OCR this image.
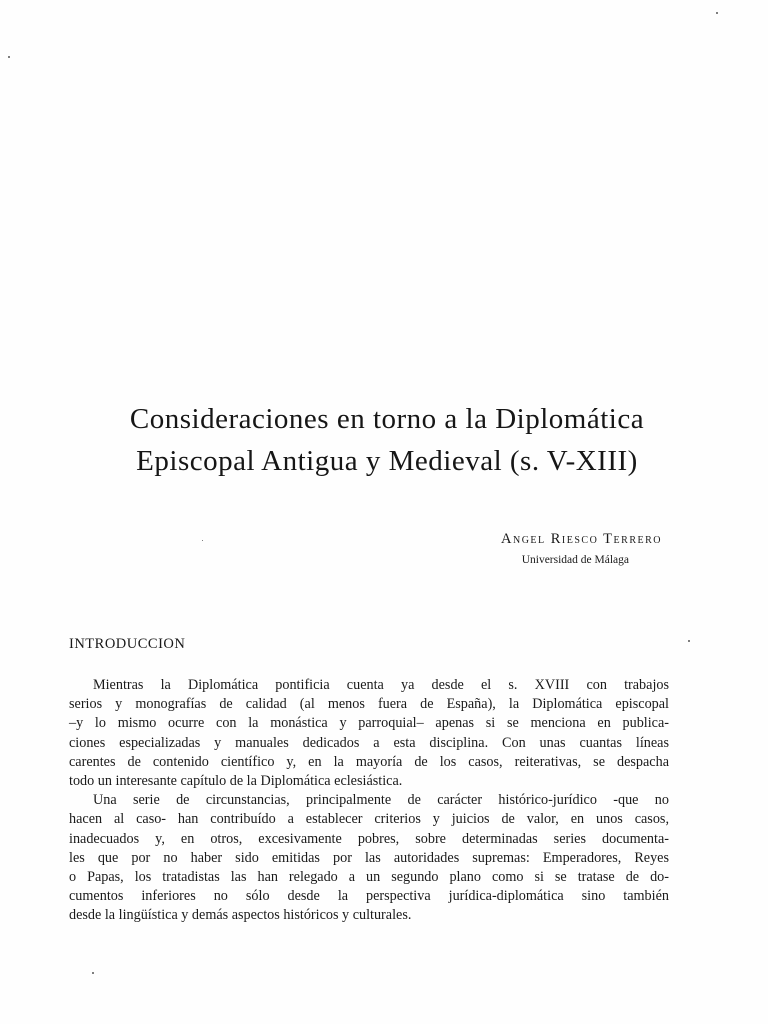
Consideraciones en torno a la Diplomática
Episcopal Antigua y Medieval (s. V-XIII)
Angel Riesco Terrero
Universidad de Málaga
INTRODUCCION
Mientras la Diplomática pontificia cuenta ya desde el s. XVIII con trabajos
serios y monografías de calidad (al menos fuera de España), la Diplomática episcopal
–y lo mismo ocurre con la monástica y parroquial– apenas si se menciona en publica-
ciones especializadas y manuales dedicados a esta disciplina. Con unas cuantas líneas
carentes de contenido científico y, en la mayoría de los casos, reiterativas, se despacha
todo un interesante capítulo de la Diplomática eclesiástica.
Una serie de circunstancias, principalmente de carácter histórico-jurídico -que no
hacen al caso- han contribuído a establecer criterios y juicios de valor, en unos casos,
inadecuados y, en otros, excesivamente pobres, sobre determinadas series documenta-
les que por no haber sido emitidas por las autoridades supremas: Emperadores, Reyes
o Papas, los tratadistas las han relegado a un segundo plano como si se tratase de do-
cumentos inferiores no sólo desde la perspectiva jurídica-diplomática sino también
desde la lingüística y demás aspectos históricos y culturales.
